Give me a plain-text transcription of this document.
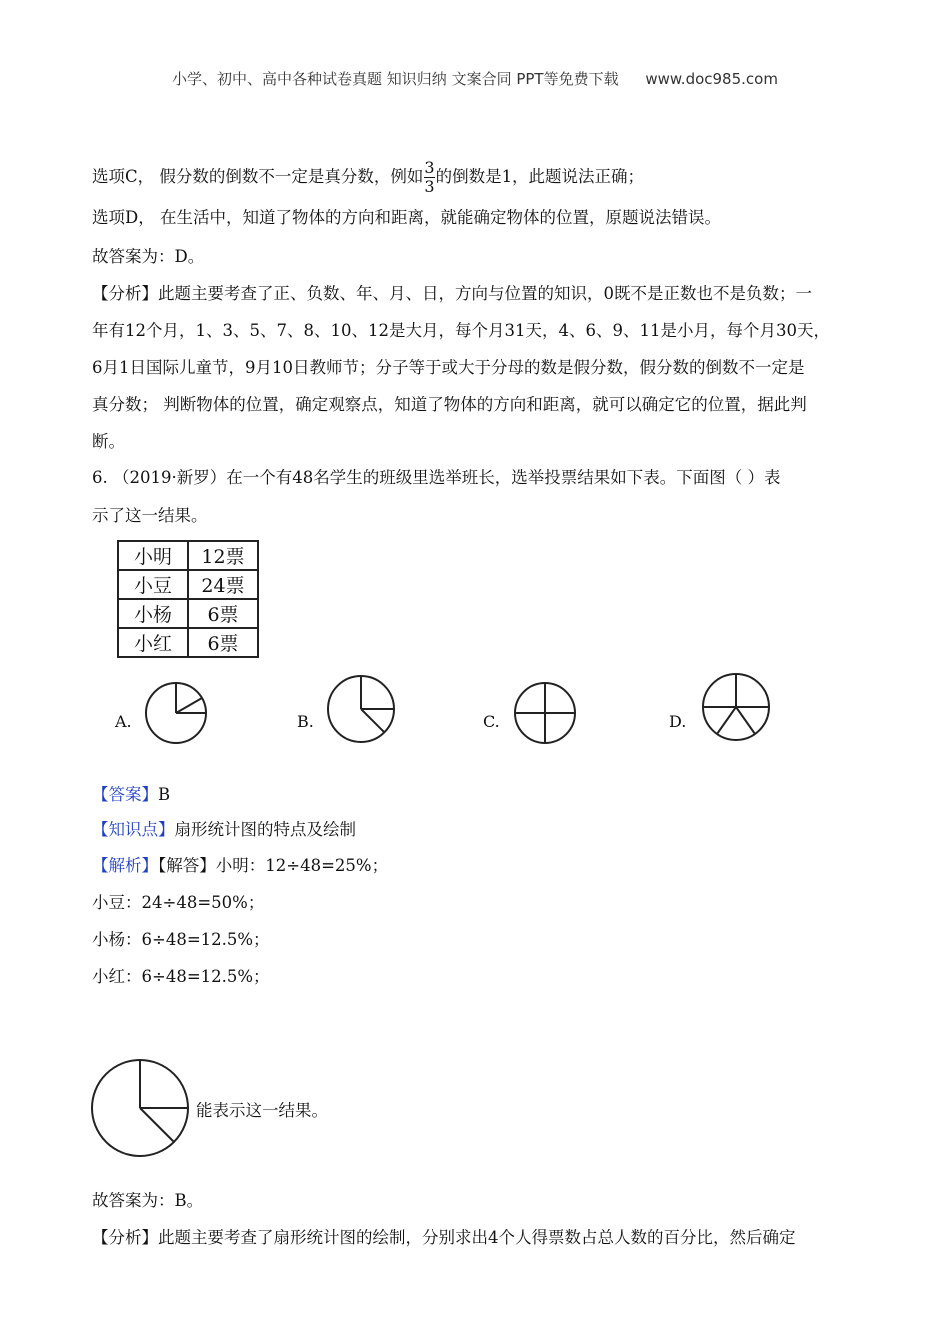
小学、初中、高中各种试卷真题 知识归纳 文案合同 PPT等免费下载 www.doc985.com
选项C， 假分数的倒数不一定是真分数，例如 $\frac{3}{3}$ 的倒数是1，此题说法正确；
选项D， 在生活中，知道了物体的方向和距离，就能确定物体的位置，原题说法错误。
故答案为：D。
【分析】此题主要考查了正、负数、年、月、日，方向与位置的知识，0既不是正数也不是负数；一
年有12个月，1、3、5、7、8、10、12是大月，每个月31天，4、6、9、11是小月，每个月30天，
6月1日国际儿童节，9月10日教师节；分子等于或大于分母的数是假分数，假分数的倒数不一定是
真分数； 判断物体的位置，确定观察点，知道了物体的方向和距离，就可以确定它的位置，据此判
断。
6. （2019·新罗）在一个有48名学生的班级里选举班长，选举投票结果如下表。下面图（ ）表
示了这一结果。
小明	12票
小豆	24票
小杨	6票
小红	6票
A.	B.	C.	D.
【答案】B
【知识点】扇形统计图的特点及绘制
【解析】【解答】小明：12÷48=25%；
小豆：24÷48=50%；
小杨：6÷48=12.5%；
小红：6÷48=12.5%；
能表示这一结果。
故答案为：B。
【分析】此题主要考查了扇形统计图的绘制，分别求出4个人得票数占总人数的百分比，然后确定
